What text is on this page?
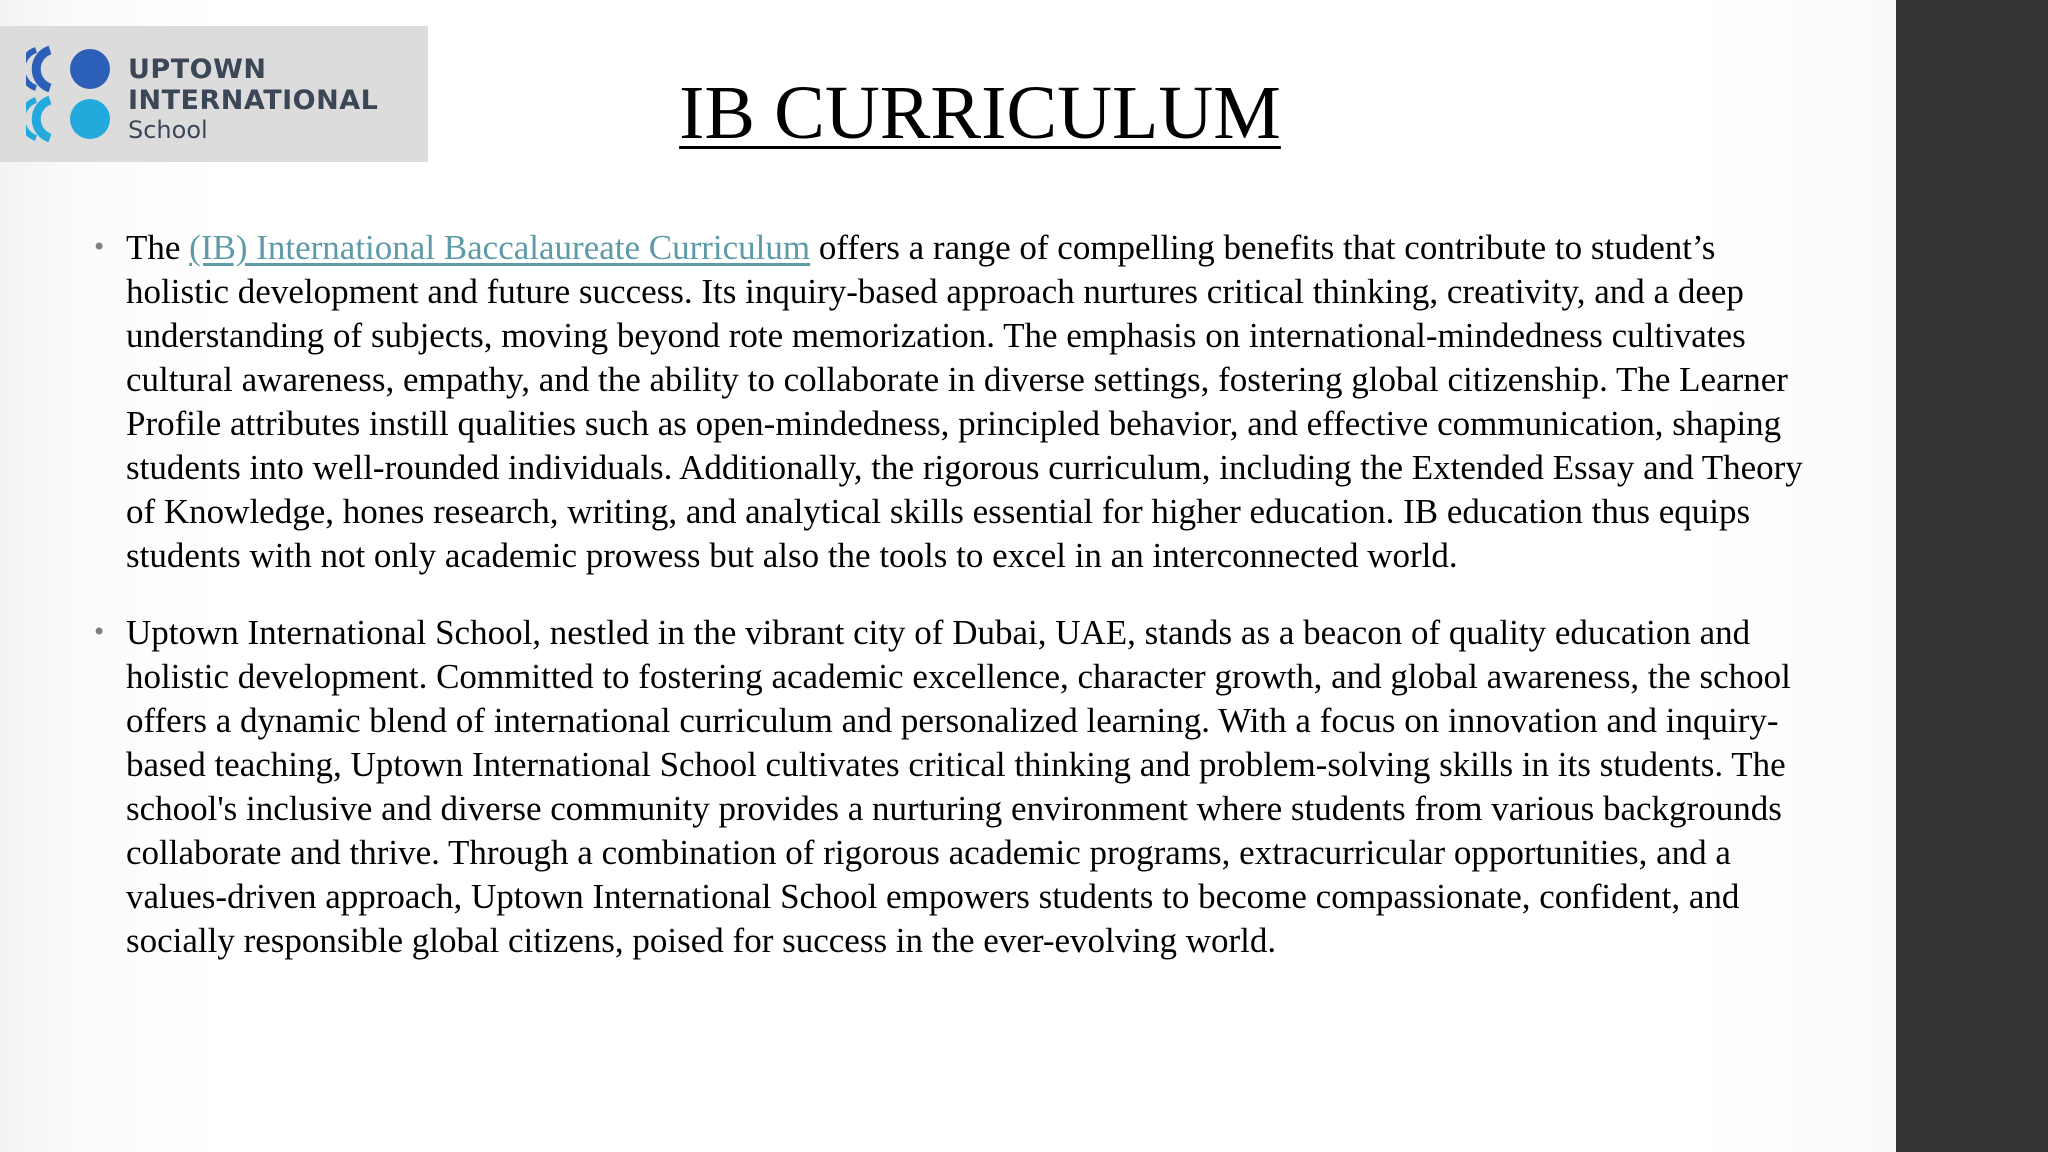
UPTOWN
INTERNATIONAL
School	IB CURRICULUM

• The (IB) International Baccalaureate Curriculum offers a range of compelling benefits that contribute to student’s holistic development and future success. Its inquiry-based approach nurtures critical thinking, creativity, and a deep understanding of subjects, moving beyond rote memorization. The emphasis on international-mindedness cultivates cultural awareness, empathy, and the ability to collaborate in diverse settings, fostering global citizenship. The Learner Profile attributes instill qualities such as open-mindedness, principled behavior, and effective communication, shaping students into well-rounded individuals. Additionally, the rigorous curriculum, including the Extended Essay and Theory of Knowledge, hones research, writing, and analytical skills essential for higher education. IB education thus equips students with not only academic prowess but also the tools to excel in an interconnected world.

• Uptown International School, nestled in the vibrant city of Dubai, UAE, stands as a beacon of quality education and holistic development. Committed to fostering academic excellence, character growth, and global awareness, the school offers a dynamic blend of international curriculum and personalized learning. With a focus on innovation and inquiry-based teaching, Uptown International School cultivates critical thinking and problem-solving skills in its students. The school's inclusive and diverse community provides a nurturing environment where students from various backgrounds collaborate and thrive. Through a combination of rigorous academic programs, extracurricular opportunities, and a values-driven approach, Uptown International School empowers students to become compassionate, confident, and socially responsible global citizens, poised for success in the ever-evolving world.
